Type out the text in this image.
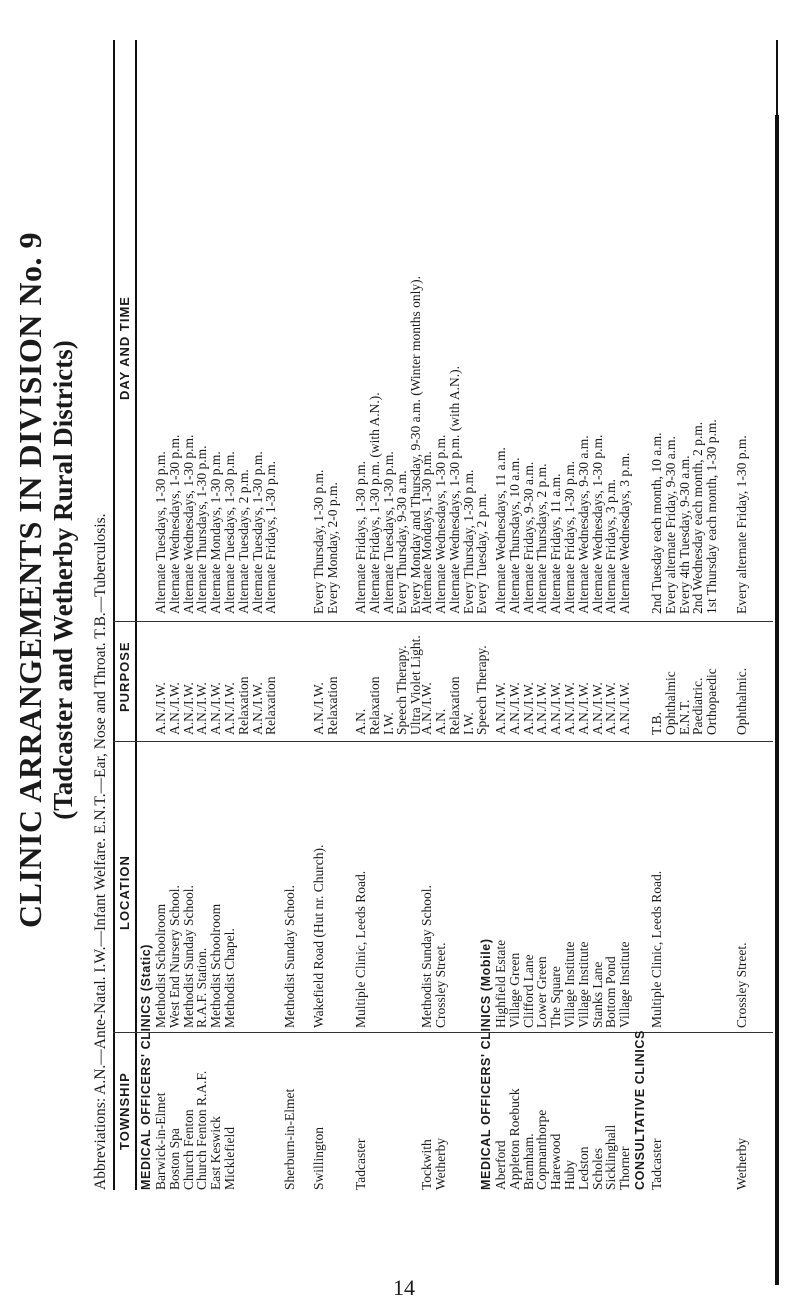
CLINIC ARRANGEMENTS IN DIVISION No. 9 (Tadcaster and Wetherby Rural Districts) Abbreviations: A.N.—Ante-Natal. I.W.—Infant Welfare. E.N.T.—Ear, Nose and Throat. T.B.—Tuberculosis. TOWNSHIP
LOCATION
PURPOSE
DAY AND TIME
MEDICAL OFFICERS' CLINICS (Static) Barwick-in-Elmet
Boston Spa
Church Fenton
Church Fenton R.A.F.
East Keswick
Micklefield
Methodist Schoolroom
West End Nursery School.
Methodist Sunday School.
R.A.F. Station.
Methodist Schoolroom
Methodist Chapel.
A.N./I.W.
A.N./I.W.
A.N./I.W.
A.N./I.W.
A.N./I.W.
A.N./I.W.
Relaxation
A.N./I.W.
Relaxation
Alternate Tuesdays, 1-30 p.m.
Alternate Wednesdays, 1-30 p.m.
Alternate Wednesdays, 1-30 p.m.
Alternate Thursdays, 1-30 p.m.
Alternate Mondays, 1-30 p.m.
Alternate Tuesdays, 1-30 p.m.
Alternate Tuesdays, 2 p.m.
Alternate Tuesdays, 1-30 p.m.
Alternate Fridays, 1-30 p.m.
Sherburn-in-Elmet
Methodist Sunday School.
Swillington
Wakefield Road (Hut nr. Church).
A.N./I.W.
Relaxation
Every Thursday, 1-30 p.m.
Every Monday, 2-0 p.m.
Tadcaster
Multiple Clinic, Leeds Road.
A.N.
Relaxation
I.W.
Speech Therapy.
Ultra Violet Light.
Alternate Fridays, 1-30 p.m.
Alternate Fridays, 1-30 p.m. (with A.N.).
Alternate Tuesdays, 1-30 p.m.
Every Thursday, 9-30 a.m.
Every Monday and Thursday, 9-30 a.m. (Winter months only).
Tockwith
Methodist Sunday School.
A.N./I.W.
Alternate Mondays, 1-30 p.m.
Wetherby
Crossley Street.
A.N.
Relaxation
I.W.
Speech Therapy.
Alternate Wednesdays, 1-30 p.m.
Alternate Wednesdays, 1-30 p.m. (with A.N.).
Every Thursday, 1-30 p.m.
Every Tuesday, 2 p.m.
MEDICAL OFFICERS' CLINICS (Mobile) Aberford
Appleton Roebuck
Bramham.
Copmanthorpe
Harewood
Huby
Ledston
Scholes
Sicklinghall
Thorner
Highfield Estate
Village Green
Clifford Lane
Lower Green
The Square
Village Institute
Village Institute
Stanks Lane
Bottom Pond
Village Institute
A.N./I.W.
A.N./I.W.
A.N./I.W.
A.N./I.W.
A.N./I.W.
A.N./I.W.
A.N./I.W.
A.N./I.W.
A.N./I.W.
A.N./I.W.
Alternate Wednesdays, 11 a.m.
Alternate Thursdays, 10 a.m.
Alternate Fridays, 9-30 a.m.
Alternate Thursdays, 2 p.m.
Alternate Fridays, 11 a.m.
Alternate Fridays, 1-30 p.m.
Alternate Wednesdays, 9-30 a.m.
Alternate Wednesdays, 1-30 p.m.
Alternate Fridays, 3 p.m.
Alternate Wednesdays, 3 p.m.
CONSULTATIVE CLINICS Tadcaster
Multiple Clinic, Leeds Road.
T.B.
Ophthalmic
E.N.T.
Paediatric.
Orthopaedic
2nd Tuesday each month, 10 a.m.
Every alternate Friday, 9-30 a.m.
Every 4th Tuesday, 9-30 a.m.
2nd Wednesday each month, 2 p.m.
1st Thursday each month, 1-30 p.m.
Wetherby
Crossley Street.
Ophthalmic.
Every alternate Friday, 1-30 p.m.
14
